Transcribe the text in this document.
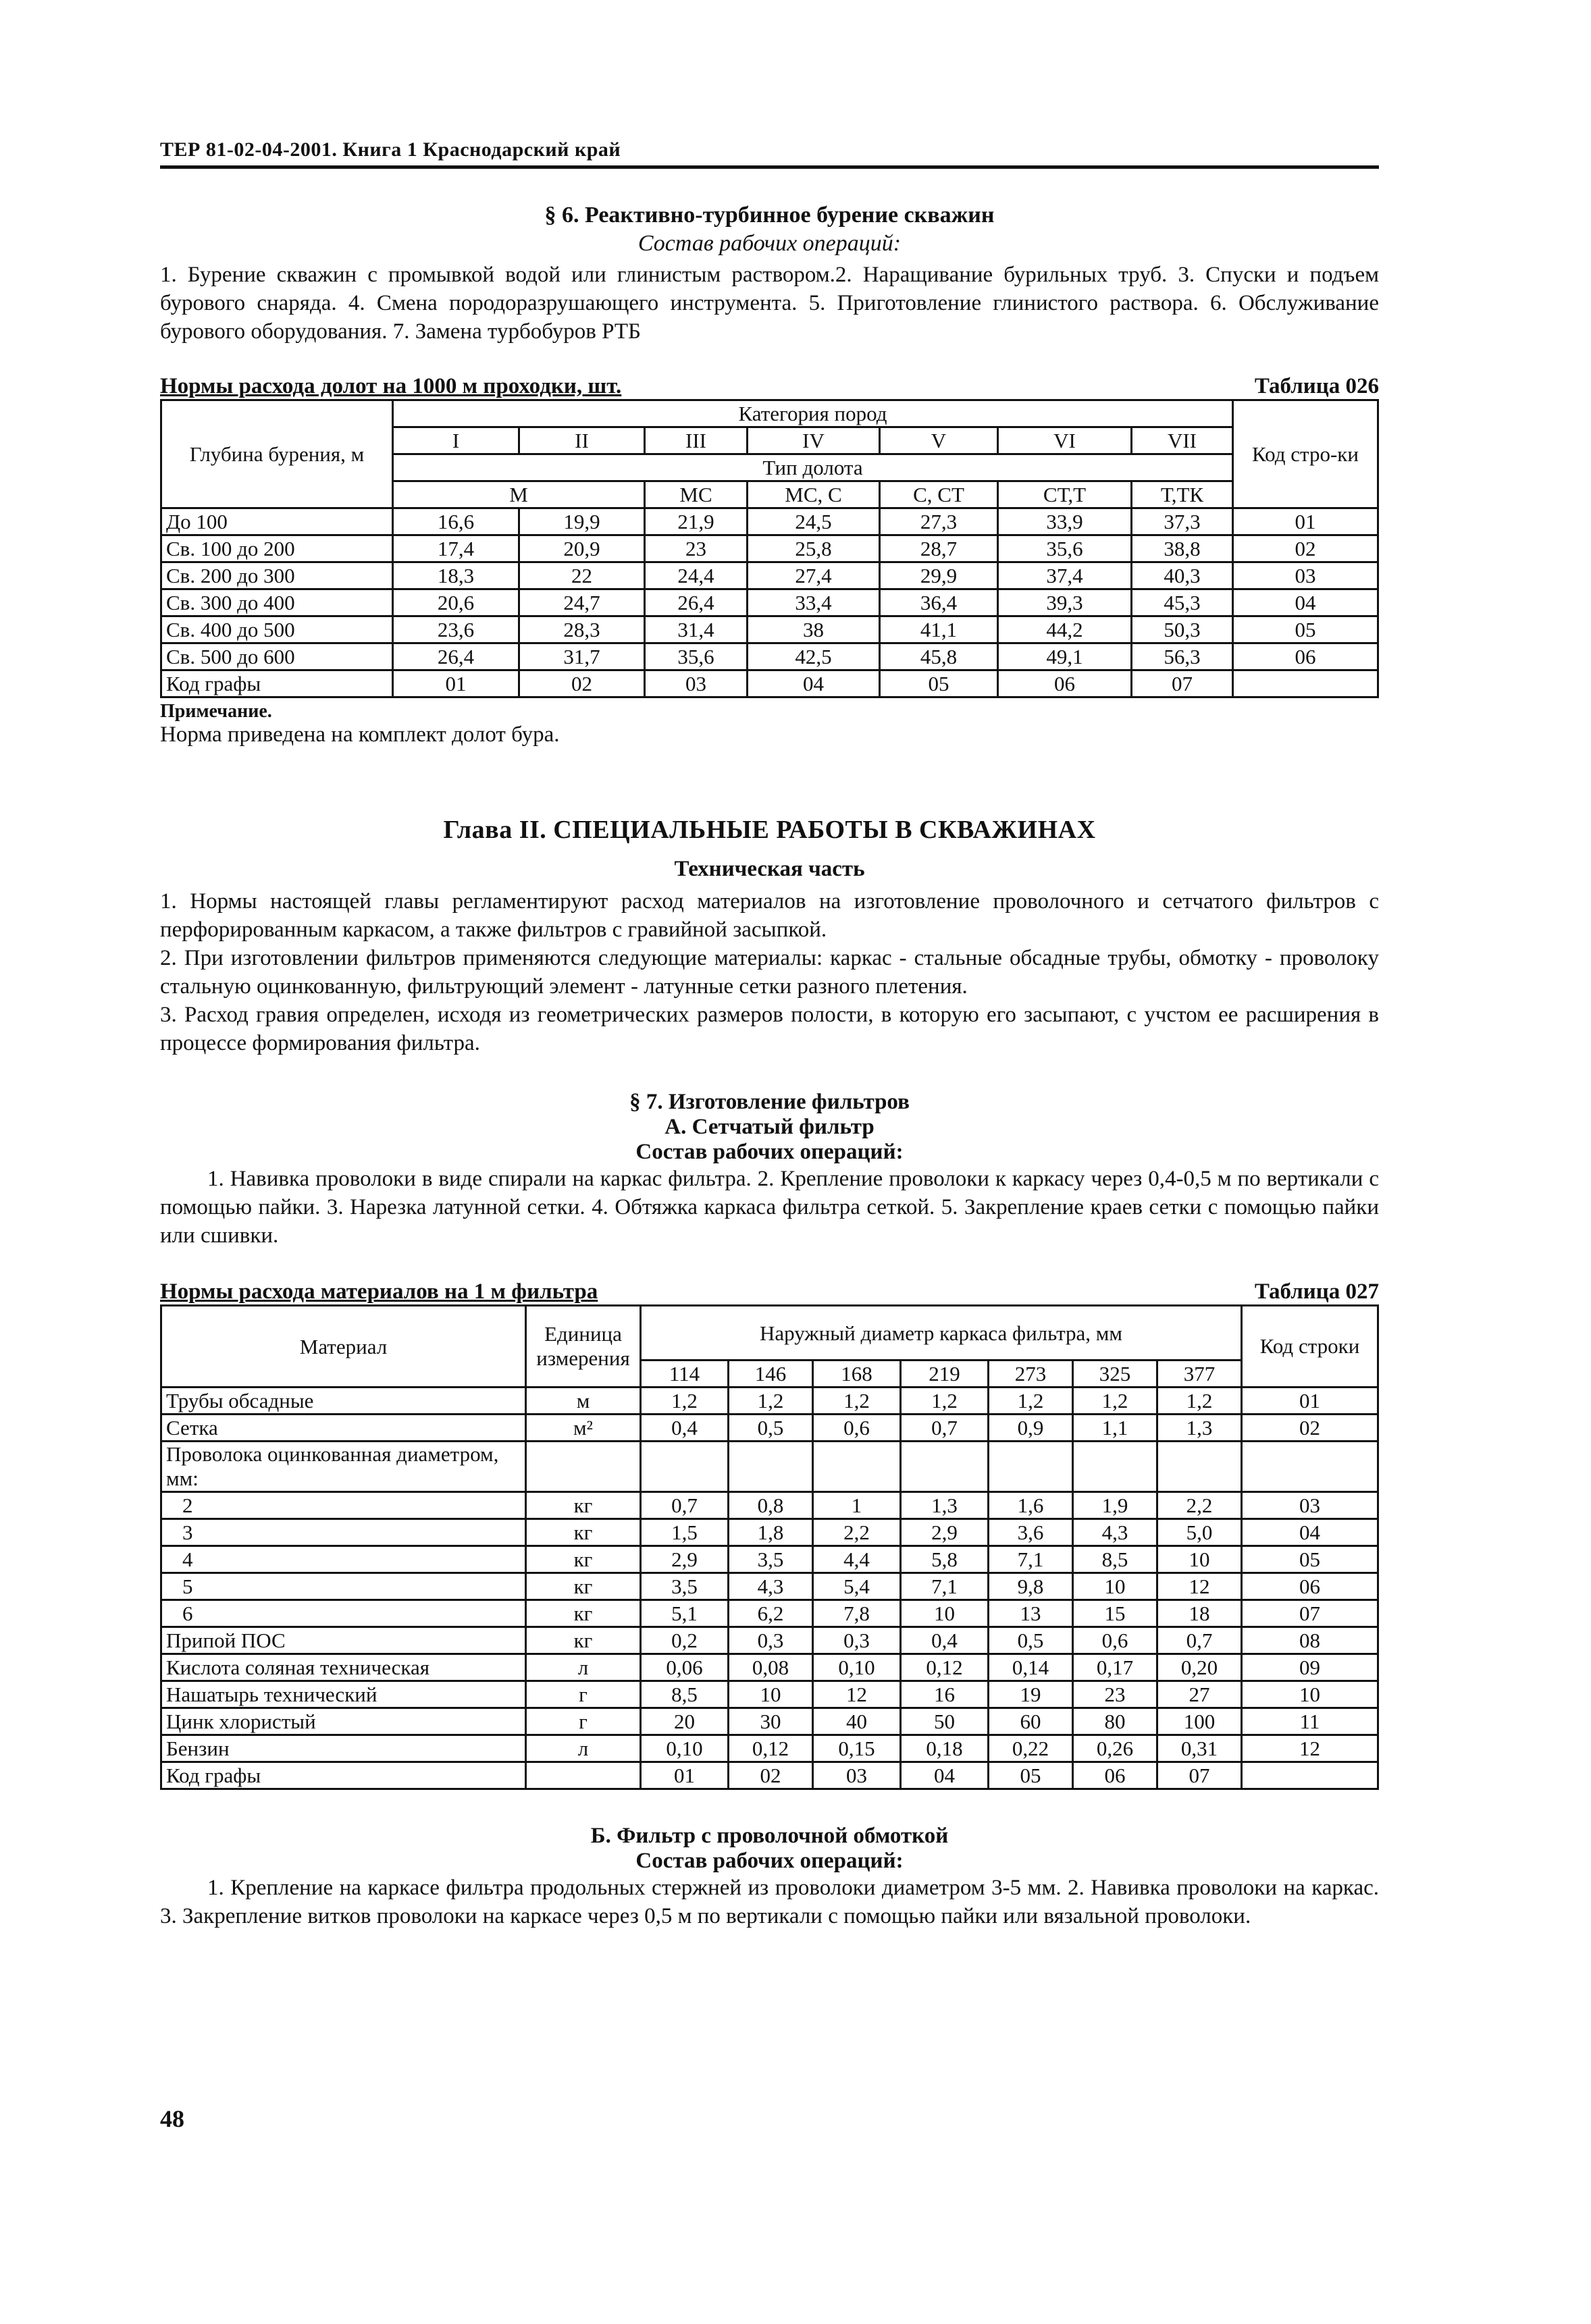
ТЕР 81-02-04-2001. Книга 1 Краснодарский край

§ 6. Реактивно-турбинное бурение скважин

Состав рабочих операций:

1. Бурение скважин с промывкой водой или глинистым раствором.2. Наращивание бурильных труб. 3. Спуски и подъем бурового снаряда. 4. Смена породоразрушающего инструмента. 5. Приготовление глинистого раствора. 6. Обслуживание бурового оборудования. 7. Замена турбобуров РТБ

Нормы расхода долот на 1000 м проходки, шт.	Таблица 026
Глубина бурения, м	Категория пород							Код стро-ки
	I	II	III	IV	V	VI	VII	
	Тип долота							
	М		МС	МС, С	С, СТ	СТ,Т	Т,ТК	
До 100	16,6	19,9	21,9	24,5	27,3	33,9	37,3	01
Св. 100 до 200	17,4	20,9	23	25,8	28,7	35,6	38,8	02
Св. 200 до 300	18,3	22	24,4	27,4	29,9	37,4	40,3	03
Св. 300 до 400	20,6	24,7	26,4	33,4	36,4	39,3	45,3	04
Св. 400 до 500	23,6	28,3	31,4	38	41,1	44,2	50,3	05
Св. 500 до 600	26,4	31,7	35,6	42,5	45,8	49,1	56,3	06
Код графы	01	02	03	04	05	06	07	

Примечание.

Норма приведена на комплект долот бура.

Глава II. СПЕЦИАЛЬНЫЕ РАБОТЫ В СКВАЖИНАХ

Техническая часть

1. Нормы настоящей главы регламентируют расход материалов на изготовление проволочного и сетчатого фильтров с перфорированным каркасом, а также фильтров с гравийной засыпкой.

2. При изготовлении фильтров применяются следующие материалы: каркас - стальные обсадные трубы, обмотку - проволоку стальную оцинкованную, фильтрующий элемент - латунные сетки разного плетения.

3. Расход гравия определен, исходя из геометрических размеров полости, в которую его засыпают, с учстом ее расширения в процессе формирования фильтра.

§ 7. Изготовление фильтров

А. Сетчатый фильтр

Состав рабочих операций:

1. Навивка проволоки в виде спирали на каркас фильтра. 2. Крепление проволоки к каркасу через 0,4-0,5 м по вертикали с помощью пайки. 3. Нарезка латунной сетки. 4. Обтяжка каркаса фильтра сеткой. 5. Закрепление краев сетки с помощью пайки или сшивки.

Нормы расхода материалов на 1 м фильтра	Таблица 027
Материал	Единица измерения	Наружный диаметр каркаса фильтра, мм							Код строки
		114	146	168	219	273	325	377	
Трубы обсадные	м	1,2	1,2	1,2	1,2	1,2	1,2	1,2	01
Сетка	м²	0,4	0,5	0,6	0,7	0,9	1,1	1,3	02
Проволока оцинкованная диаметром, мм:									
2	кг	0,7	0,8	1	1,3	1,6	1,9	2,2	03
3	кг	1,5	1,8	2,2	2,9	3,6	4,3	5,0	04
4	кг	2,9	3,5	4,4	5,8	7,1	8,5	10	05
5	кг	3,5	4,3	5,4	7,1	9,8	10	12	06
6	кг	5,1	6,2	7,8	10	13	15	18	07
Припой ПОС	кг	0,2	0,3	0,3	0,4	0,5	0,6	0,7	08
Кислота соляная техническая	л	0,06	0,08	0,10	0,12	0,14	0,17	0,20	09
Нашатырь технический	г	8,5	10	12	16	19	23	27	10
Цинк хлористый	г	20	30	40	50	60	80	100	11
Бензин	л	0,10	0,12	0,15	0,18	0,22	0,26	0,31	12
Код графы		01	02	03	04	05	06	07	

Б. Фильтр с проволочной обмоткой

Состав рабочих операций:

1. Крепление на каркасе фильтра продольных стержней из проволоки диаметром 3-5 мм. 2. Навивка проволоки на каркас. 3. Закрепление витков проволоки на каркасе через 0,5 м по вертикали с помощью пайки или вязальной проволоки.

48
